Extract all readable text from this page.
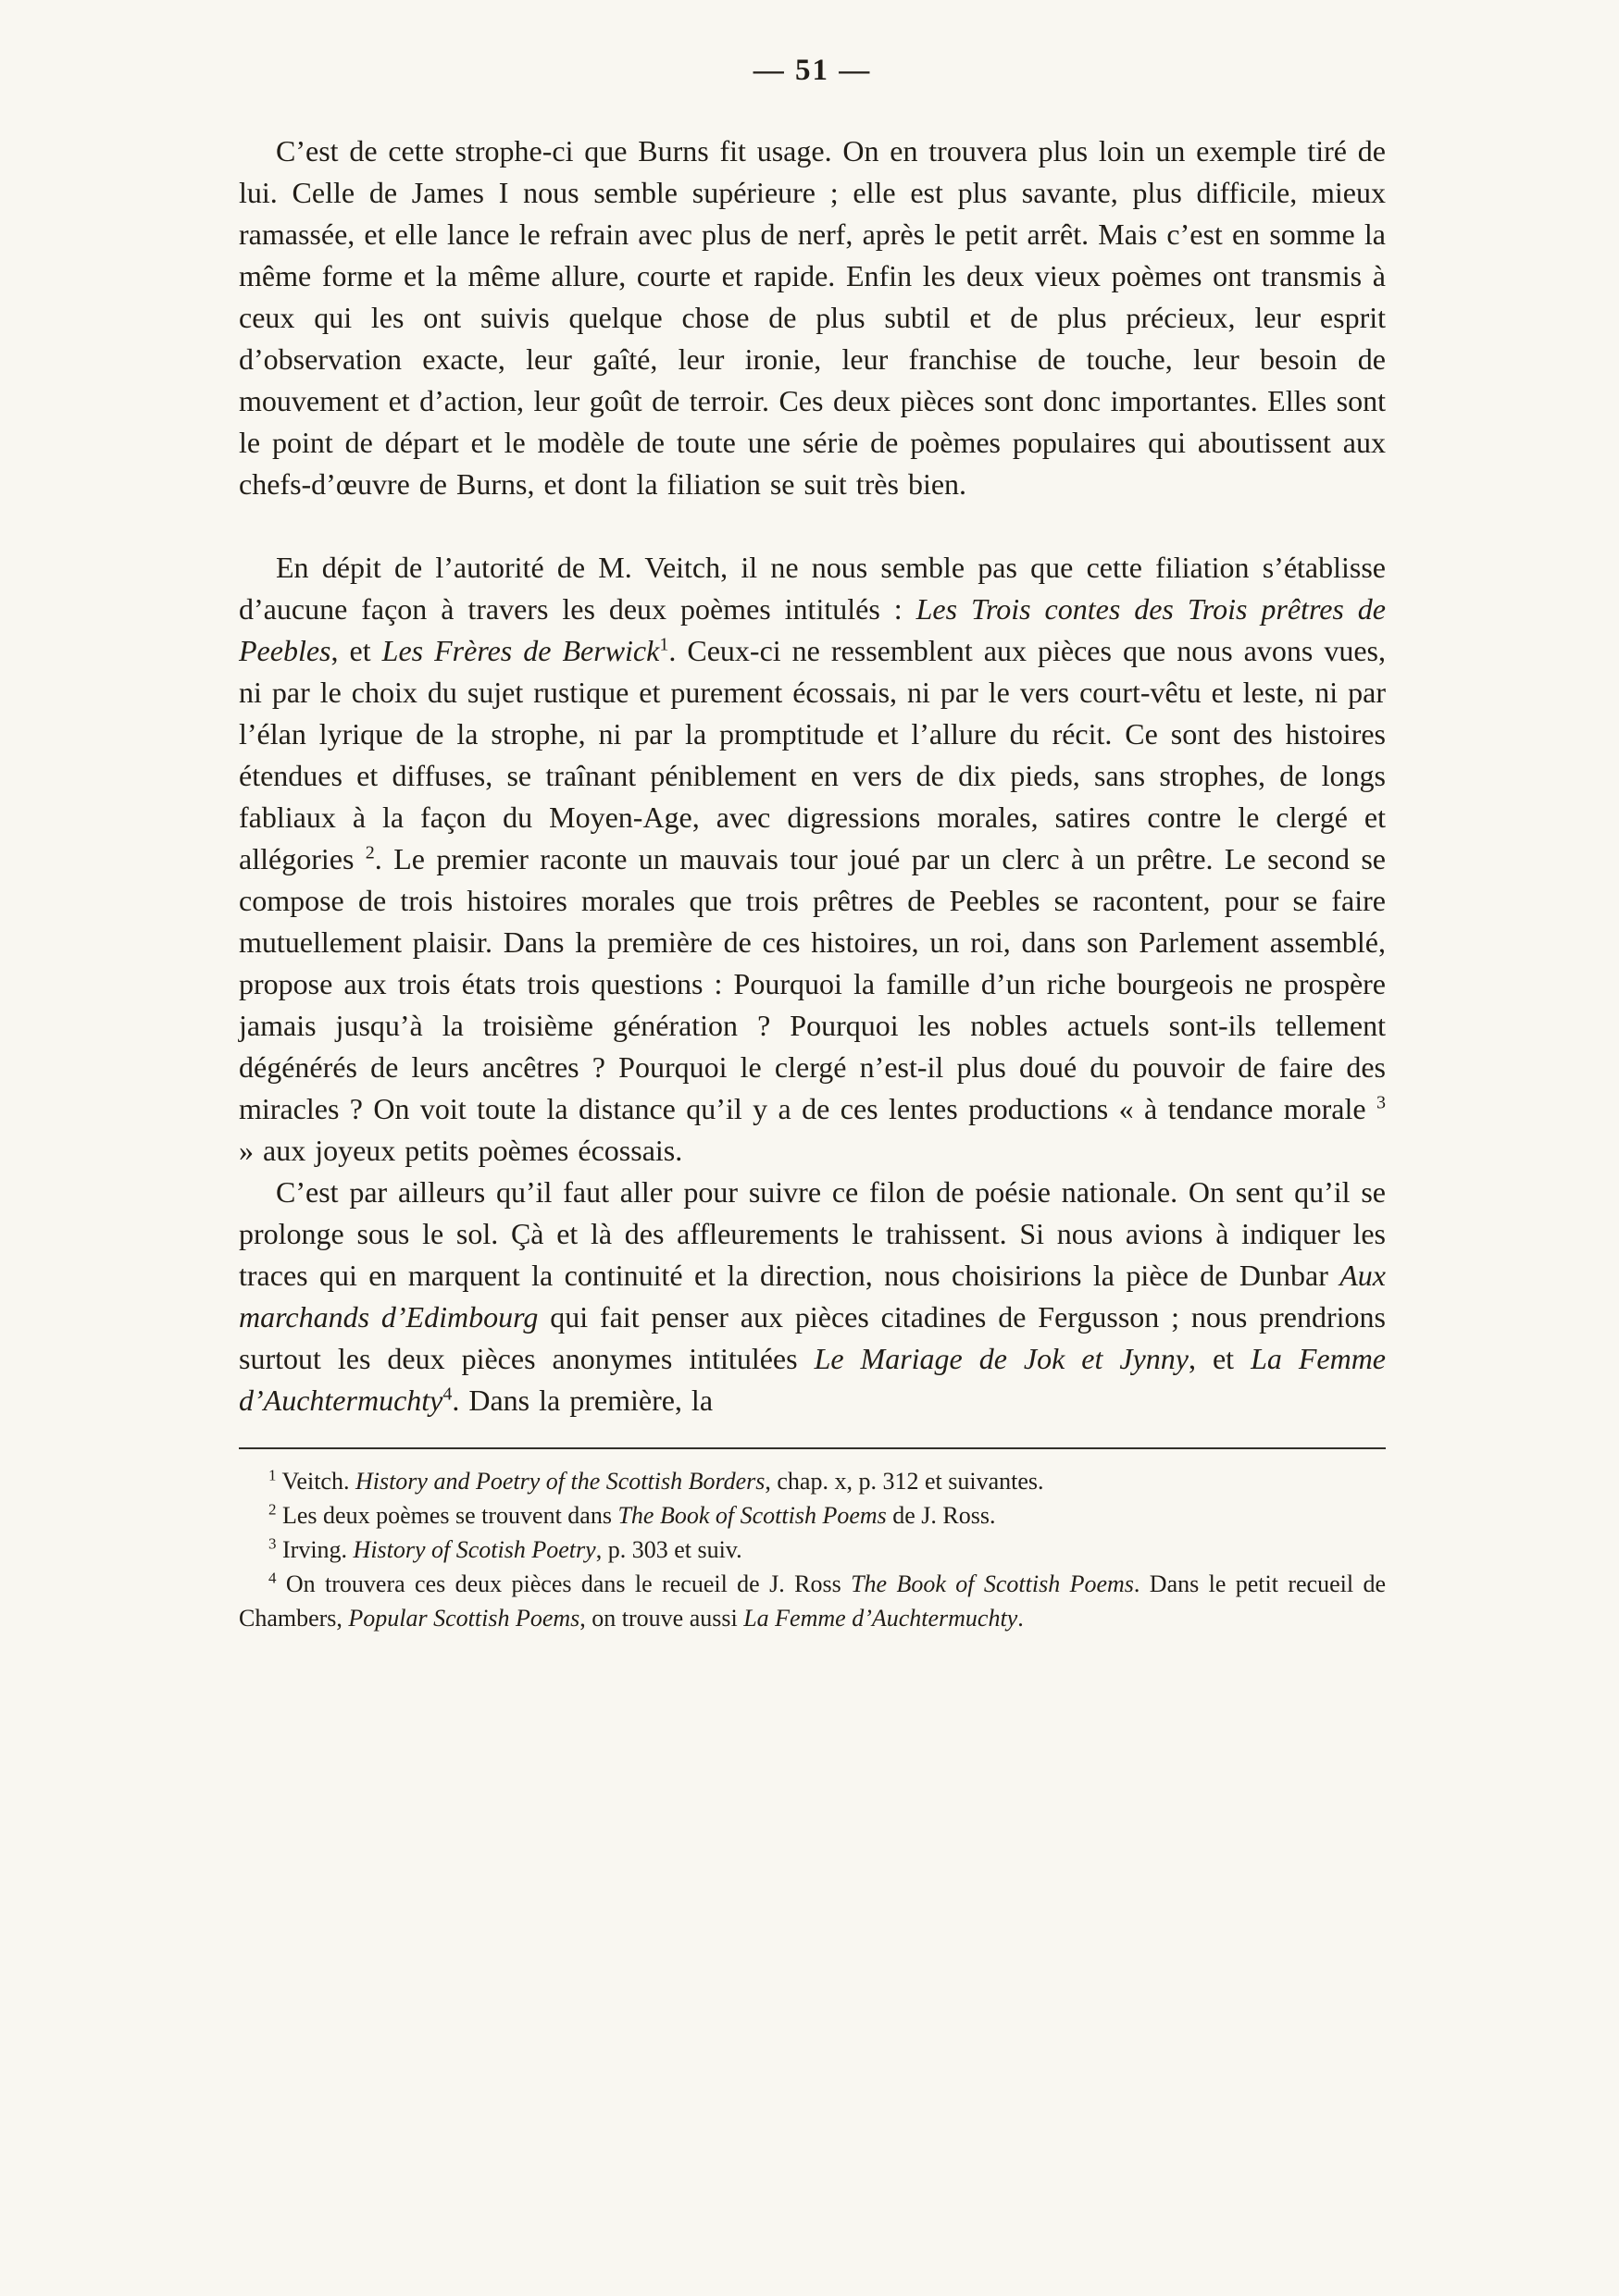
— 51 —

C’est de cette strophe-ci que Burns fit usage. On en trouvera plus loin un exemple tiré de lui. Celle de James I nous semble supérieure ; elle est plus savante, plus difficile, mieux ramassée, et elle lance le refrain avec plus de nerf, après le petit arrêt. Mais c’est en somme la même forme et la même allure, courte et rapide. Enfin les deux vieux poèmes ont transmis à ceux qui les ont suivis quelque chose de plus subtil et de plus précieux, leur esprit d’observation exacte, leur gaîté, leur ironie, leur franchise de touche, leur besoin de mouvement et d’action, leur goût de terroir. Ces deux pièces sont donc importantes. Elles sont le point de départ et le modèle de toute une série de poèmes populaires qui aboutissent aux chefs-d’œuvre de Burns, et dont la filiation se suit très bien.

En dépit de l’autorité de M. Veitch, il ne nous semble pas que cette filiation s’établisse d’aucune façon à travers les deux poèmes intitulés : Les Trois contes des Trois prêtres de Peebles, et Les Frères de Berwick$^1$. Ceux-ci ne ressemblent aux pièces que nous avons vues, ni par le choix du sujet rustique et purement écossais, ni par le vers court-vêtu et leste, ni par l’élan lyrique de la strophe, ni par la promptitude et l’allure du récit. Ce sont des histoires étendues et diffuses, se traînant péniblement en vers de dix pieds, sans strophes, de longs fabliaux à la façon du Moyen-Age, avec digressions morales, satires contre le clergé et allégories $^2$. Le premier raconte un mauvais tour joué par un clerc à un prêtre. Le second se compose de trois histoires morales que trois prêtres de Peebles se racontent, pour se faire mutuellement plaisir. Dans la première de ces histoires, un roi, dans son Parlement assemblé, propose aux trois états trois questions : Pourquoi la famille d’un riche bourgeois ne prospère jamais jusqu’à la troisième génération ? Pourquoi les nobles actuels sont-ils tellement dégénérés de leurs ancêtres ? Pourquoi le clergé n’est-il plus doué du pouvoir de faire des miracles ? On voit toute la distance qu’il y a de ces lentes productions « à tendance morale $^3$ » aux joyeux petits poèmes écossais.

C’est par ailleurs qu’il faut aller pour suivre ce filon de poésie nationale. On sent qu’il se prolonge sous le sol. Çà et là des affleurements le trahissent. Si nous avions à indiquer les traces qui en marquent la continuité et la direction, nous choisirions la pièce de Dunbar Aux marchands d’Edimbourg qui fait penser aux pièces citadines de Fergusson ; nous prendrions surtout les deux pièces anonymes intitulées Le Mariage de Jok et Jynny, et La Femme d’Auchtermuchty$^4$. Dans la première, la

$^1$ Veitch. History and Poetry of the Scottish Borders, chap. x, p. 312 et suivantes.

$^2$ Les deux poèmes se trouvent dans The Book of Scottish Poems de J. Ross.

$^3$ Irving. History of Scotish Poetry, p. 303 et suiv.

$^4$ On trouvera ces deux pièces dans le recueil de J. Ross The Book of Scottish Poems. Dans le petit recueil de Chambers, Popular Scottish Poems, on trouve aussi La Femme d’Auchtermuchty.
